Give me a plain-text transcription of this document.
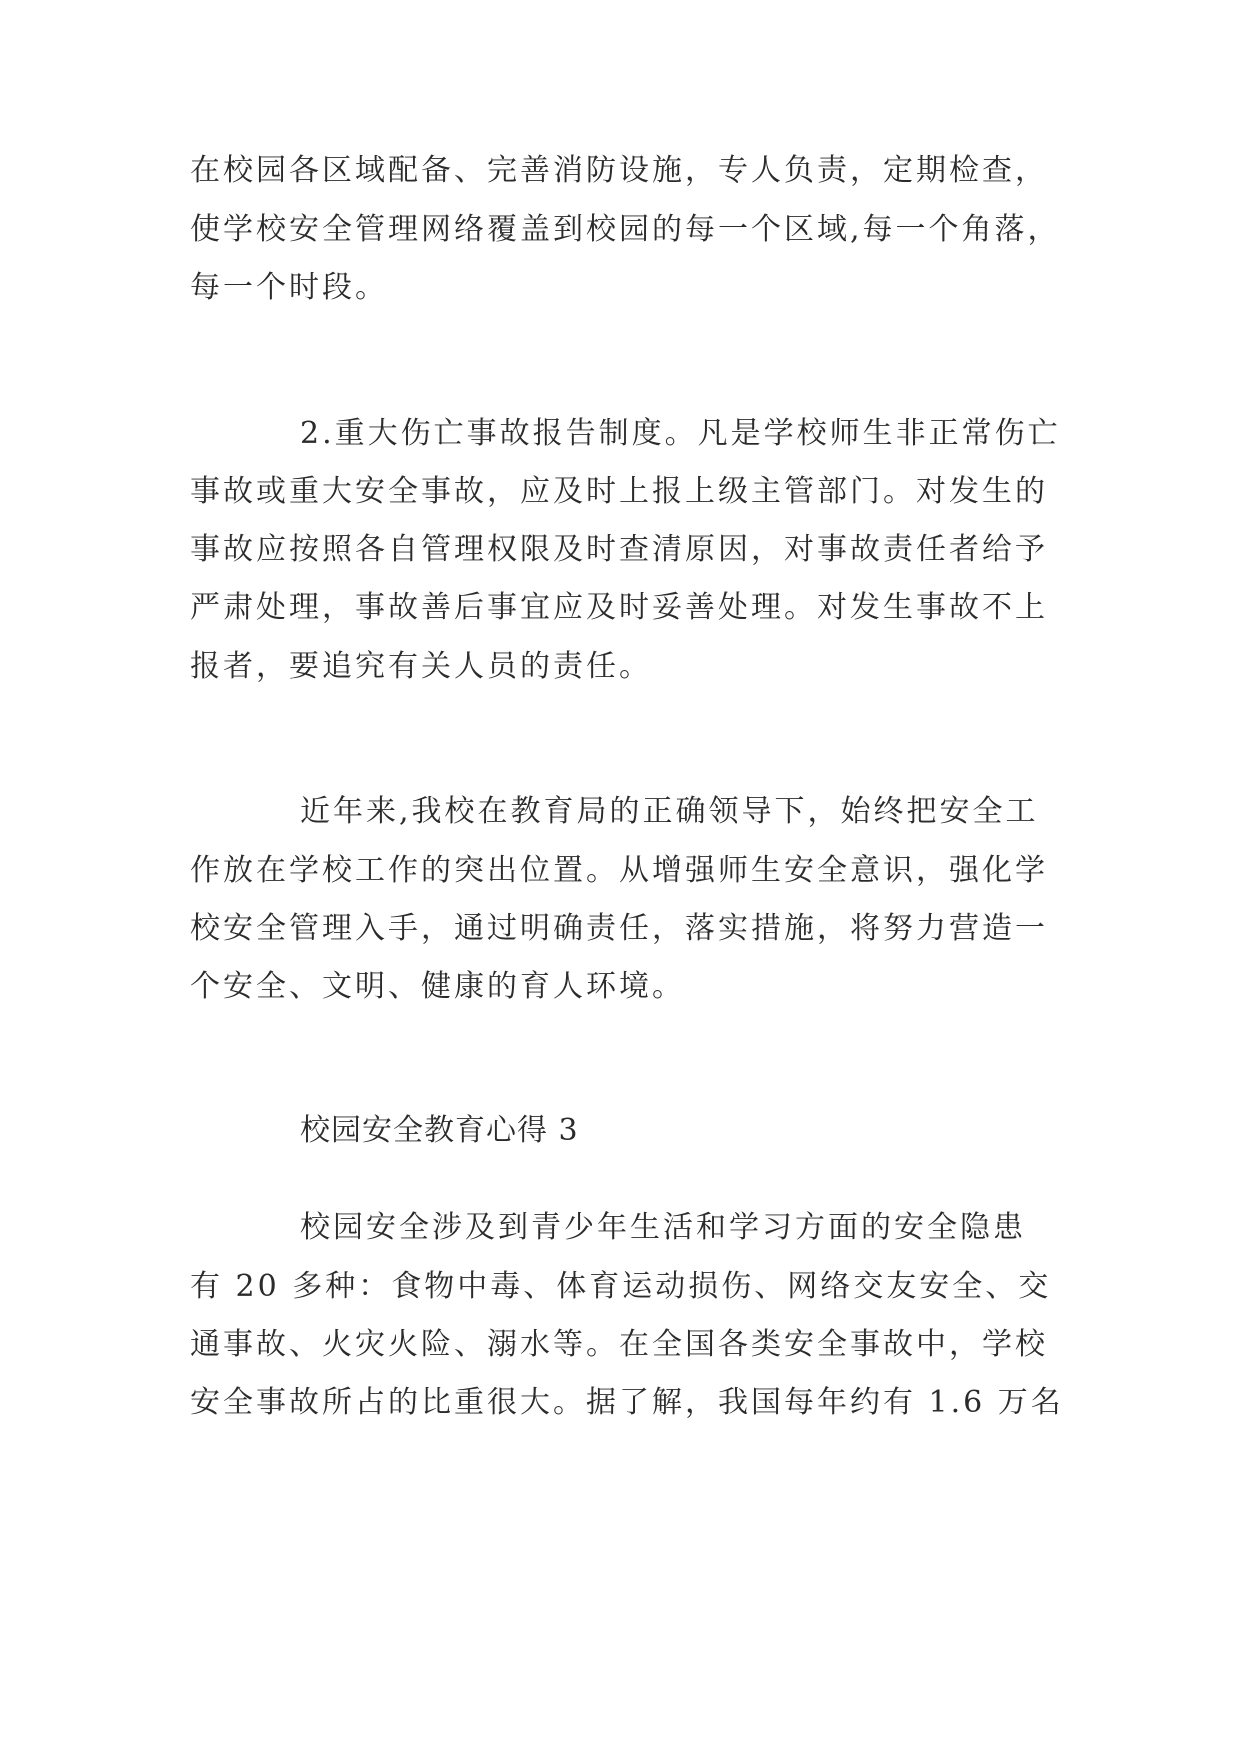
在校园各区域配备、完善消防设施，专人负责，定期检查，
使学校安全管理网络覆盖到校园的每一个区域,每一个角落，
每一个时段。
2.重大伤亡事故报告制度。凡是学校师生非正常伤亡
事故或重大安全事故，应及时上报上级主管部门。对发生的
事故应按照各自管理权限及时查清原因，对事故责任者给予
严肃处理，事故善后事宜应及时妥善处理。对发生事故不上
报者，要追究有关人员的责任。
近年来,我校在教育局的正确领导下，始终把安全工
作放在学校工作的突出位置。从增强师生安全意识，强化学
校安全管理入手，通过明确责任，落实措施，将努力营造一
个安全、文明、健康的育人环境。
校园安全教育心得 3
校园安全涉及到青少年生活和学习方面的安全隐患
有 20 多种：食物中毒、体育运动损伤、网络交友安全、交
通事故、火灾火险、溺水等。在全国各类安全事故中，学校
安全事故所占的比重很大。据了解，我国每年约有 1.6 万名
